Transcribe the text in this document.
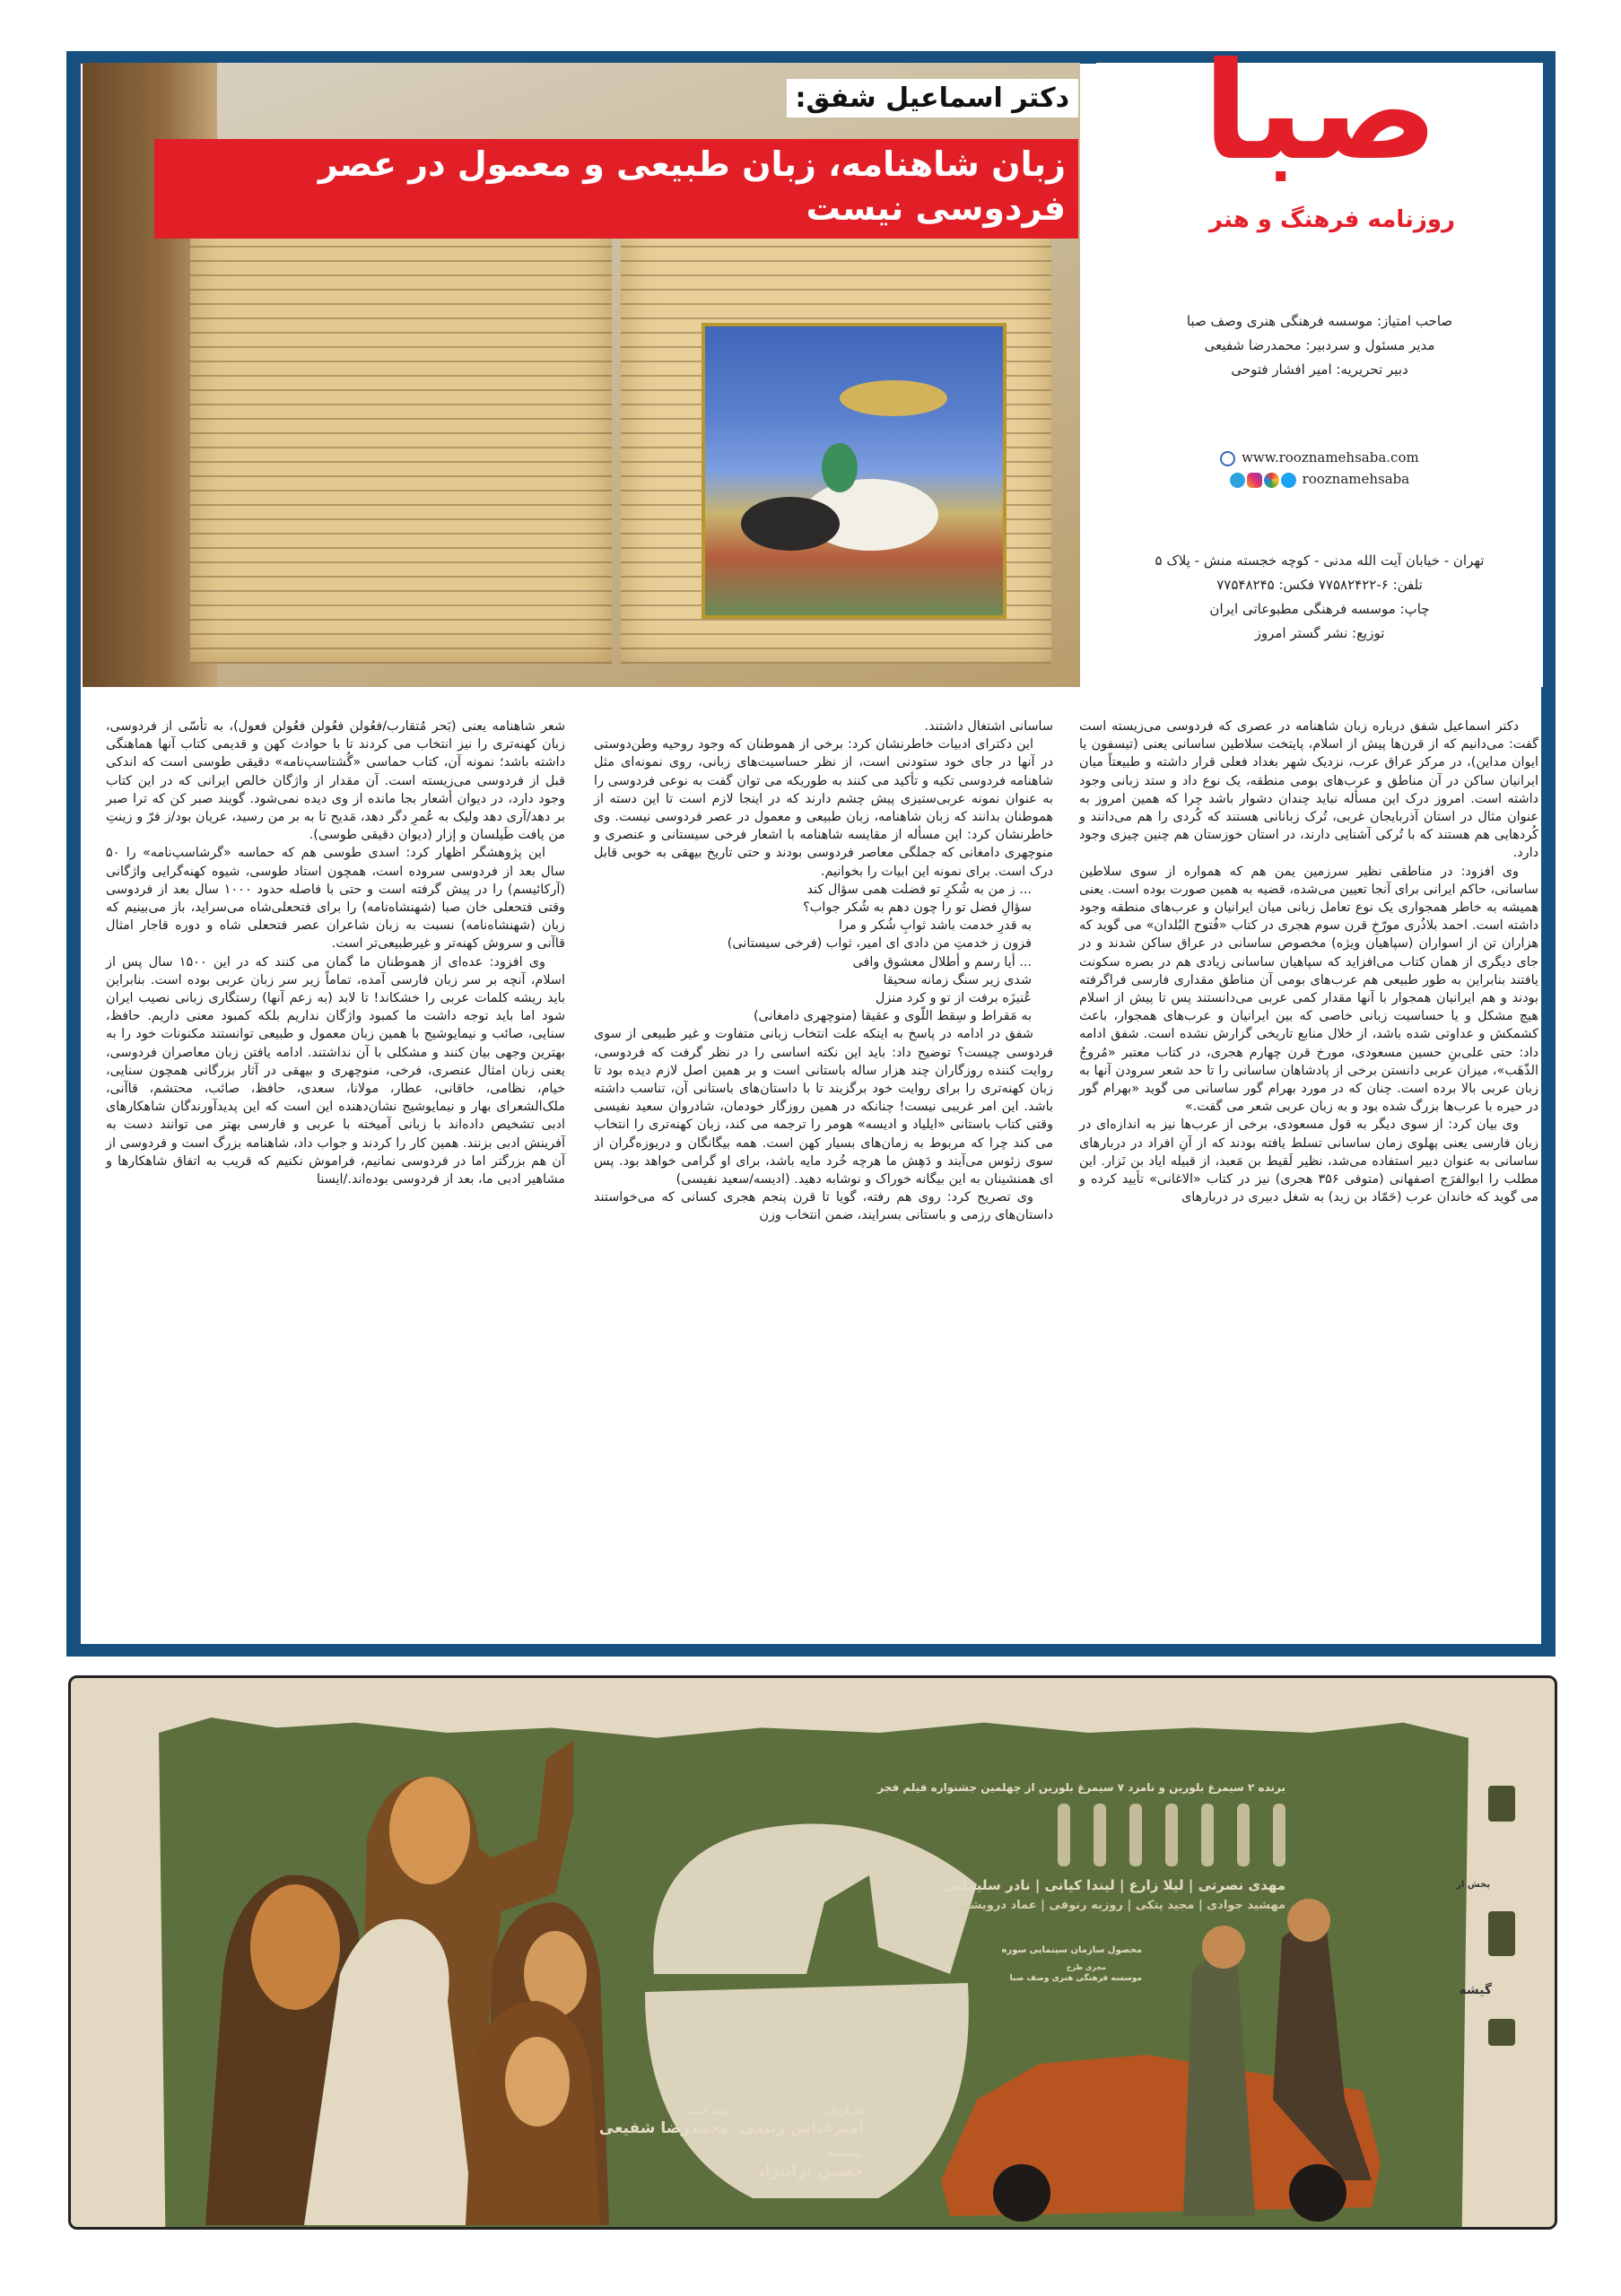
دکتر اسماعیل شفق:
زبان شاهنامه، زبان طبیعی و معمول در عصر فردوسی نیست
صبا
روزنامه فرهنگ و هنر
صاحب امتیاز: موسسه فرهنگی هنری وصف صبا
مدیر مسئول و سردبیر: محمدرضا شفیعی
دبیر تحریریه: امیر افشار فتوحی
www.rooznamehsaba.com
rooznamehsaba
تهران - خیابان آیت الله مدنی - کوچه خجسته منش - پلاک ۵
تلفن: ۶-۷۷۵۸۲۴۲۲ فکس: ۷۷۵۴۸۲۴۵
چاپ: موسسه فرهنگی مطبوعاتی ایران
توزیع: نشر گستر امروز

دکتر اسماعیل شفق درباره زبان شاهنامه در عصری که فردوسی می‌زیسته است گفت: می‌دانیم که از قرن‌ها پیش از اسلام، پایتخت سلاطین ساسانی یعنی (تیسفون یا ایوان مداین)، در مرکز عراق عرب، نزدیک شهر بغداد فعلی قرار داشته و طبیعتاً میان ایرانیان ساکن در آن مناطق و عرب‌های بومی منطقه، یک نوع داد و ستد زبانی وجود داشته است. امروز درک این مسأله نباید چندان دشوار باشد چرا که همین امروز به عنوان مثال در استان آذربایجان غربی، تُرک زبانانی هستند که کُردی را هم می‌دانند و کُردهایی هم هستند که با تُرکی آشنایی دارند، در استان خوزستان هم چنین چیزی وجود دارد.

وی افزود: در مناطقی نظیر سرزمین یمن هم که همواره از سوی سلاطین ساسانی، حاکم ایرانی برای آنجا تعیین می‌شده، قضیه به همین صورت بوده است. یعنی همیشه به خاطر همجواری یک نوع تعامل زبانی میان ایرانیان و عرب‌های منطقه وجود داشته است. احمد بلاذُری مورّخِ قرن سوم هجری در کتاب «فُتوح البُلدان» می گوید که هزاران تن از اسواران (سپاهیان ویژه) مخصوص ساسانی در عراق ساکن شدند و در جای دیگری از همان کتاب می‌افزاید که سپاهیان ساسانی زیادی هم در بصره سکونت یافتند بنابراین به طور طبیعی هم عرب‌های بومی آن مناطق مقداری فارسی فراگرفته بودند و هم ایرانیان همجوار با آنها مقدار کمی عربی می‌دانستند پس تا پیش از اسلام هیچ مشکل و یا حساسیت زبانی خاصی که بین ایرانیان و عرب‌های همجوار، باعث کشمکش و عداوتی شده باشد، از خلال منابع تاریخی گزارش نشده است. شفق ادامه داد: حتی علی‌بنِ حسین مسعودی، مورخ قرن چهارم هجری، در کتاب معتبر «مُروجُ الذّهَب»، میزان عربی دانستن برخی از پادشاهان ساسانی را تا حد شعر سرودن آنها به زبان عربی بالا برده است. چنان که در مورد بهرام گور ساسانی می گوید «بهرام گور در حیره با عرب‌ها بزرگ شده بود و به زبان عربی شعر می گفت.»

وی بیان کرد: از سوی دیگر به قول مسعودی، برخی از عرب‌ها نیز به اندازه‌ای در زبان فارسی یعنی پهلوی زمان ساسانی تسلط یافته بودند که از آنِ افراد در دربارهای ساسانی به عنوان دبیر استفاده می‌شد، نظیر لَقیط بن مَعبد، از قبیله ایاد بن نَزار. این مطلب را ابوالفرَج اصفهانی (متوفی ۳۵۶ هجری) نیز در کتاب «الاغانی» تأیید کرده و می گوید که خاندان عرب (حَمّاد بن زید) به شغل دبیری در دربارهای

ساسانی اشتغال داشتند.

این دکترای ادبیات خاطرنشان کرد: برخی از هموطنان که وجود روحیه وطن‌دوستی در آنها در جای خود ستودنی است، از نظر حساسیت‌های زبانی، روی نمونه‌ای مثل شاهنامه فردوسی تکیه و تأکید می کنند به طوریکه می توان گفت به نوعی فردوسی را به عنوان نمونه عربی‌ستیزی پیش چشم دارند که در اینجا لازم است تا این دسته از هموطنان بدانند که زبان شاهنامه، زبان طبیعی و معمول در عصر فردوسی نیست. وی خاطرنشان کرد: این مسأله از مقایسه شاهنامه با اشعار فرخی سیستانی و عنصری و منوچهری دامغانی که جملگی معاصر فردوسی بودند و حتی تاریخ بیهقی به خوبی قابل درک است. برای نمونه این ابیات را بخوانیم.

... ز من به شُکرِ تو فضلت همی سؤال کند

سؤالِ فضل تو را چون دهم به شُکر جواب؟

به قدرِ خدمت باشد ثوابِ شُکر و مرا

فزون ز خدمتِ من دادی ای امیر، ثواب (فرخی سیستانی)

... أیا رسم و أطلال معشوق وافی

شدی زیر سنگ زمانه سحیقا

عُنیزَه برفت از تو و کرد منزل

به مَقراط و سِقط اللّوی و عقیقا (منوچهری دامغانی)

شفق در ادامه در پاسخ به اینکه علت انتخاب زبانی متفاوت و غیر طبیعی از سوی فردوسی چیست؟ توضیح داد: باید این نکته اساسی را در نظر گرفت که فردوسی، روایت کننده روزگاران چند هزار ساله باستانی است و بر همین اصل لازم دیده بود تا زبان کهنه‌تری را برای روایت خود برگزیند تا با داستان‌های باستانی آن، تناسب داشته باشد. این امر غریبی نیست! چنانکه در همین روزگار خودمان، شادروان سعید نفیسی وقتی کتاب باستانی «ایلیاد و ادیسه» هومر را ترجمه می کند، زبان کهنه‌تری را انتخاب می کند چرا که مربوط به زمان‌های بسیار کهن است. همه بیگانگان و دریوزه‌گران از سوی زئوس می‌آیند و دَهِش ما هرچه خُرد مایه باشد، برای او گرامی خواهد بود. پس ای همنشینان به این بیگانه خوراک و نوشابه دهید. (ادیسه/سعید نفیسی)

وی تصریح کرد: روی هم رفته، گویا تا قرن پنجم هجری کسانی که می‌خواستند داستان‌های رزمی و باستانی بسرایند، ضمن انتخاب وزن

شعر شاهنامه یعنی (بَحر مُتقارب/فعُولن فعُولن فعُولن فعول)، به تأسّی از فردوسی، زبان کهنه‌تری را نیز انتخاب می کردند تا با حوادث کهن و قدیمی کتاب آنها هماهنگی داشته باشد؛ نمونه آن، کتاب حماسی «گُشتاسپ‌نامه» دقیقی طوسی است که اندکی قبل از فردوسی می‌زیسته است. آن مقدار از واژگان خالص ایرانی که در این کتاب وجود دارد، در دیوان أشعار بجا مانده از وی دیده نمی‌شود. گویند صبر کن که ترا صبر بر دهد/آری دهد ولیک به عُمرِ دگر دهد، مَدیح تا به بر من رسید، عریان بود/ز فرّ و زینتِ من یافت طَیلسان و إزار (دیوان دقیقی طوسی).

این پژوهشگر اظهار کرد: اسدی طوسی هم که حماسه «گرشاسپ‌نامه» را ۵۰ سال بعد از فردوسی سروده است، همچون استاد طوسی، شیوه کهنه‌گرایی واژگانی (آرکائیسم) را در پیش گرفته است و حتی با فاصله حدود ۱۰۰۰ سال بعد از فردوسی وقتی فتحعلی خان صبا (شهنشاه‌نامه) را برای فتحعلی‌شاه می‌سراید، باز می‌بینیم که زبان (شهنشاه‌نامه) نسبت به زبان شاعران عصر فتحعلی شاه و دوره قاجار امثال قاآنی و سروش کهنه‌تر و غیرطبیعی‌تر است.

وی افزود: عده‌ای از هموطنان ما گمان می کنند که در این ۱۵۰۰ سال پس از اسلام، آنچه بر سر زبان فارسی آمده، تماماً زیر سر زبان عربی بوده است. بنابراین باید ریشه کلمات عربی را خشکاند! تا لابد (به زعم آنها) رستگاری زبانی نصیب ایران شود اما باید توجه داشت ما کمبود واژگان نداریم بلکه کمبود معنی داریم. حافظ، سنایی، صائب و نیمایوشیج با همین زبان معمول و طبیعی توانستند مکنونات خود را به بهترین وجهی بیان کنند و مشکلی با آن نداشتند. ادامه یافتن زبان معاصران فردوسی، یعنی زبان امثال عنصری، فرخی، منوچهری و بیهقی در آثار بزرگانی همچون سنایی، خیام، نظامی، خاقانی، عطار، مولانا، سعدی، حافظ، صائب، محتشم، قاآنی، ملک‌الشعرای بهار و نیمایوشیج نشان‌دهنده این است که این پدیدآورندگان شاهکارهای ادبی تشخیص داده‌اند با زبانی آمیخته با عربی و فارسی بهتر می توانند دست به آفرینش ادبی بزنند. همین کار را کردند و جواب داد، شاهنامه بزرگ است و فردوسی از آن هم بزرگتر اما در فردوسی نمانیم، فراموش نکنیم که قریب به اتفاق شاهکارها و مشاهیر ادبی ما، بعد از فردوسی بوده‌اند./ایسنا

برنده ۲ سیمرغ بلورین و نامزد ۷ سیمرغ بلورین از چهلمین جشنواره فیلم فجر
مهدی نصرتی | لیلا زارع | لیندا کیانی | نادر سلیمانی
مهشید جوادی | مجید پتکی | روزبه رنوفی | عماد درویشی
محصول سازمان سینمایی سوره
مجری طرح
موسسه فرهنگی هنری وصف صبا
پخش از
گیشه
کارگردان
امیرعباس ربیعی
تهیه کننده
محمدرضا شفیعی
نویسنده
حسین ترابنژاد
